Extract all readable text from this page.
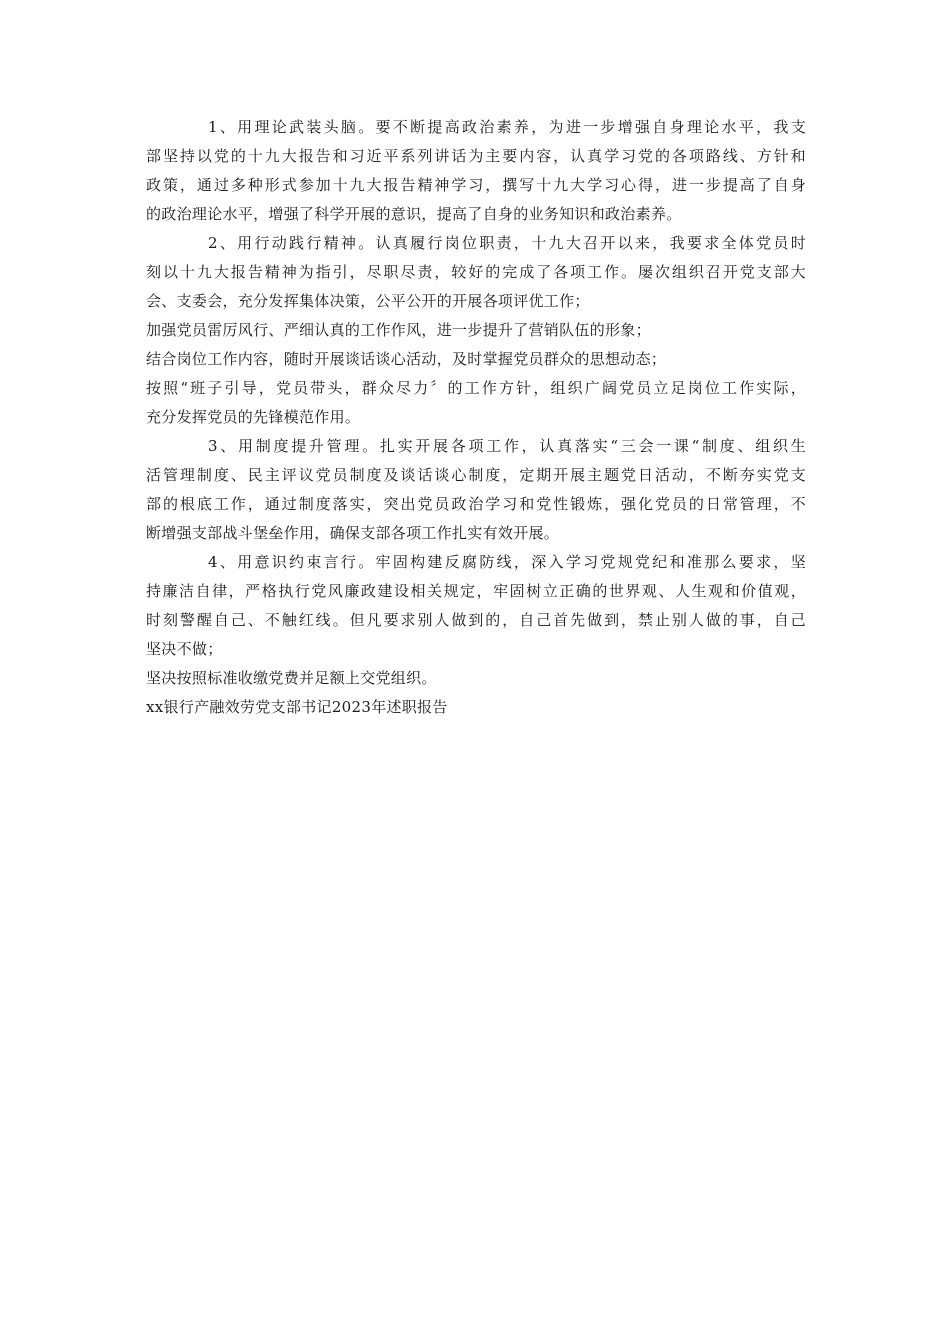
1、用理论武装头脑。要不断提高政治素养，为进一步增强自身理论水平，我支
部坚持以党的十九大报告和习近平系列讲话为主要内容，认真学习党的各项路线、方针和
政策，通过多种形式参加十九大报告精神学习，撰写十九大学习心得，进一步提高了自身
的政治理论水平，增强了科学开展的意识，提高了自身的业务知识和政治素养。
2、用行动践行精神。认真履行岗位职责，十九大召开以来，我要求全体党员时
刻以十九大报告精神为指引，尽职尽责，较好的完成了各项工作。屡次组织召开党支部大
会、支委会，充分发挥集体决策，公平公开的开展各项评优工作；
加强党员雷厉风行、严细认真的工作作风，进一步提升了营销队伍的形象；
结合岗位工作内容，随时开展谈话谈心活动，及时掌握党员群众的思想动态；
按照“班子引导，党员带头，群众尽力〞的工作方针，组织广阔党员立足岗位工作实际，
充分发挥党员的先锋模范作用。
3、用制度提升管理。扎实开展各项工作，认真落实“三会一课“制度、组织生
活管理制度、民主评议党员制度及谈话谈心制度，定期开展主题党日活动，不断夯实党支
部的根底工作，通过制度落实，突出党员政治学习和党性锻炼，强化党员的日常管理，不
断增强支部战斗堡垒作用，确保支部各项工作扎实有效开展。
4、用意识约束言行。牢固构建反腐防线，深入学习党规党纪和准那么要求，坚
持廉洁自律，严格执行党风廉政建设相关规定，牢固树立正确的世界观、人生观和价值观，
时刻警醒自己、不触红线。但凡要求别人做到的，自己首先做到，禁止别人做的事，自己
坚决不做；
坚决按照标准收缴党费并足额上交党组织。
xx银行产融效劳党支部书记2023年述职报告
